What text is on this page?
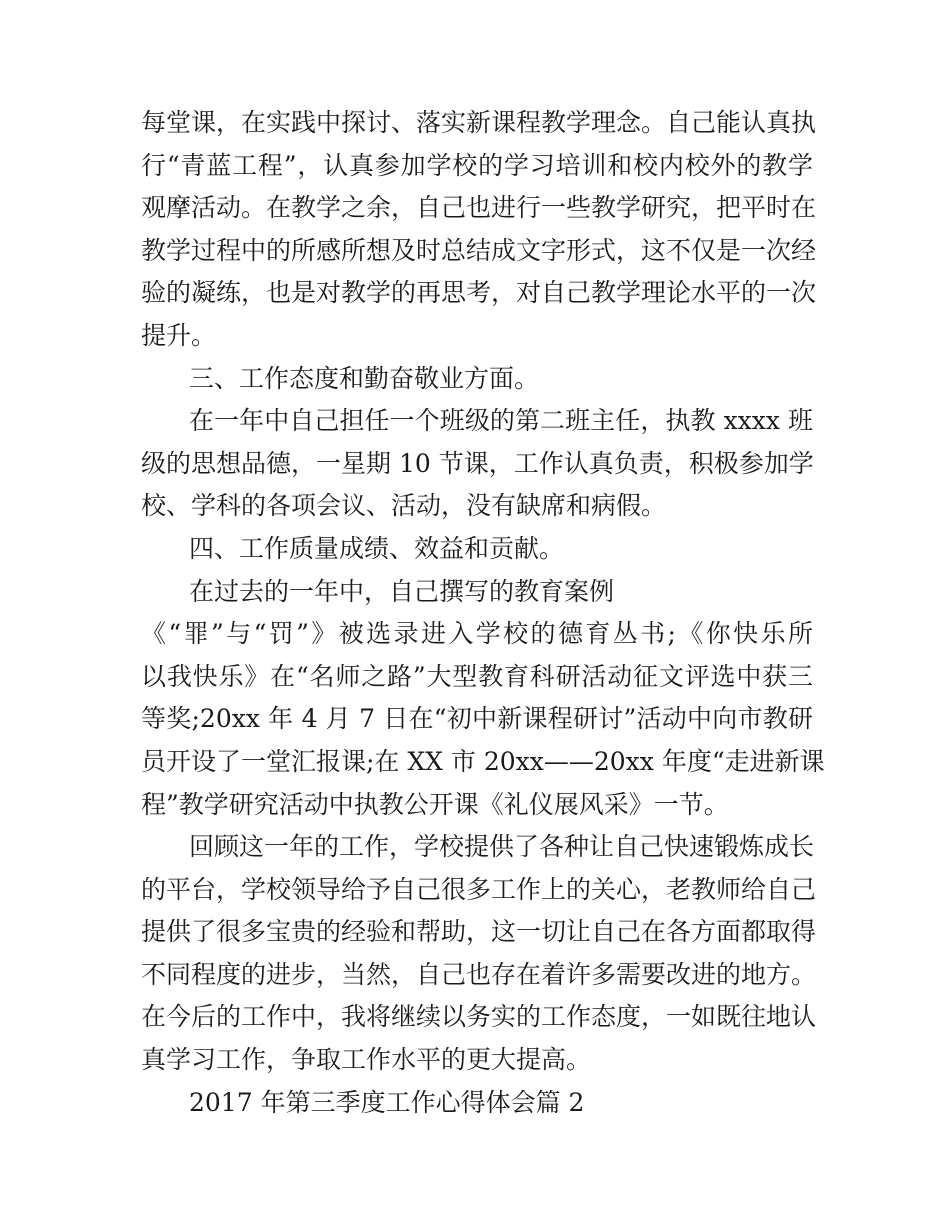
每堂课，在实践中探讨、落实新课程教学理念。自己能认真执
行“青蓝工程”，认真参加学校的学习培训和校内校外的教学
观摩活动。在教学之余，自己也进行一些教学研究，把平时在
教学过程中的所感所想及时总结成文字形式，这不仅是一次经
验的凝练，也是对教学的再思考，对自己教学理论水平的一次
提升。
三、工作态度和勤奋敬业方面。
在一年中自己担任一个班级的第二班主任，执教 xxxx 班
级的思想品德，一星期 10 节课，工作认真负责，积极参加学
校、学科的各项会议、活动，没有缺席和病假。
四、工作质量成绩、效益和贡献。
在过去的一年中，自己撰写的教育案例
《“罪”与“罚”》被选录进入学校的德育丛书;《你快乐所
以我快乐》在“名师之路”大型教育科研活动征文评选中获三
等奖;20xx 年 4 月 7 日在“初中新课程研讨”活动中向市教研
员开设了一堂汇报课;在 XX 市 20xx——20xx 年度“走进新课
程”教学研究活动中执教公开课《礼仪展风采》一节。
回顾这一年的工作，学校提供了各种让自己快速锻炼成长
的平台，学校领导给予自己很多工作上的关心，老教师给自己
提供了很多宝贵的经验和帮助，这一切让自己在各方面都取得
不同程度的进步，当然，自己也存在着许多需要改进的地方。
在今后的工作中，我将继续以务实的工作态度，一如既往地认
真学习工作，争取工作水平的更大提高。
2017 年第三季度工作心得体会篇 2
